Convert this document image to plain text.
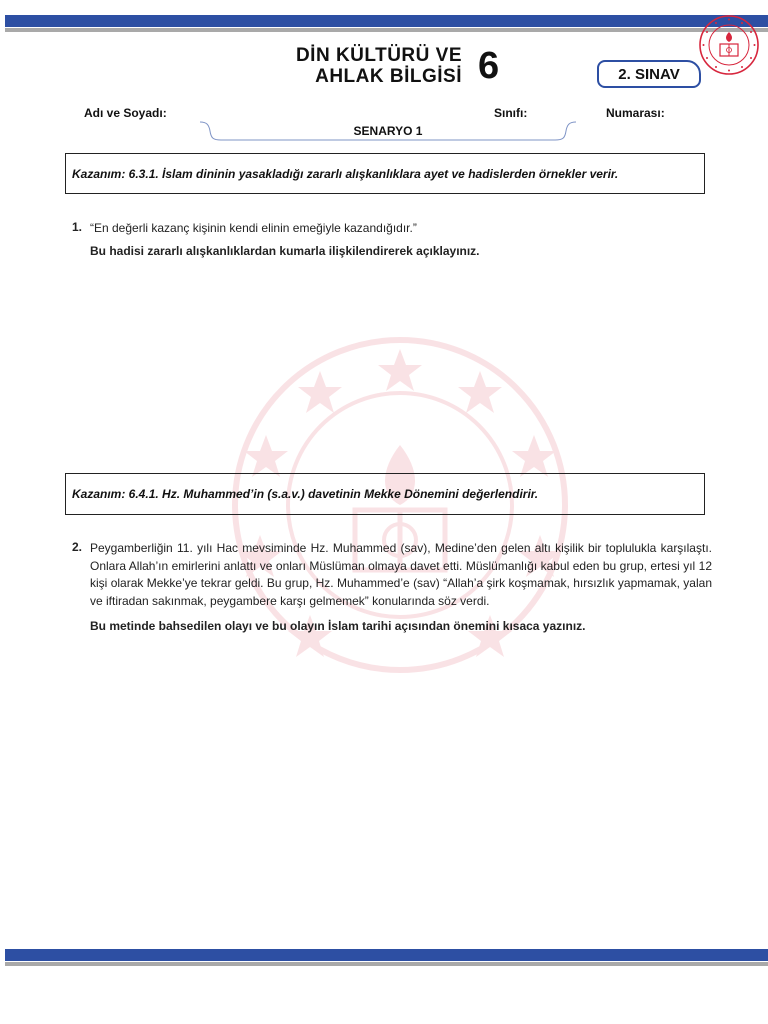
DİN KÜLTÜRÜ VE
AHLAK BİLGİSİ 6	2. SINAV
Adı ve Soyadı:	Sınıfı:	Numarası:
SENARYO 1
Kazanım: 6.3.1. İslam dininin yasakladığı zararlı alışkanlıklara ayet ve hadislerden örnekler verir.
1. “En değerli kazanç kişinin kendi elinin emeğiyle kazandığıdır.”
Bu hadisi zararlı alışkanlıklardan kumarla ilişkilendirerek açıklayınız.
Kazanım: 6.4.1. Hz. Muhammed’in (s.a.v.) davetinin Mekke Dönemini değerlendirir.
2. Peygamberliğin 11. yılı Hac mevsiminde Hz. Muhammed (sav), Medine’den gelen altı kişilik bir toplulukla karşılaştı. Onlara Allah’ın emirlerini anlattı ve onları Müslüman olmaya davet etti. Müslümanlığı kabul eden bu grup, ertesi yıl 12 kişi olarak Mekke’ye tekrar geldi. Bu grup, Hz. Muhammed’e (sav) “Allah’a şirk koşmamak, hırsızlık yapmamak, yalan ve iftiradan sakınmak, peygambere karşı gelmemek” konularında söz verdi.
Bu metinde bahsedilen olayı ve bu olayın İslam tarihi açısından önemini kısaca yazınız.
